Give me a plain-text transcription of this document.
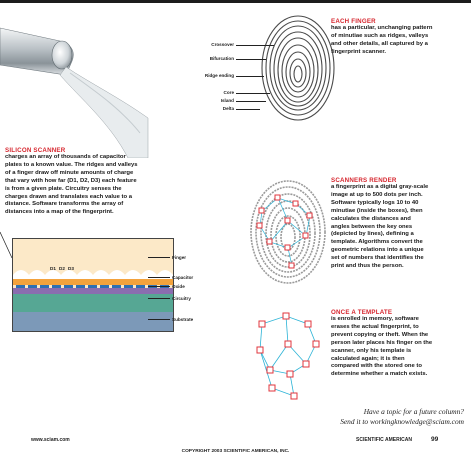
Crossover
Bifurcation
Ridge ending
Core
Island
Delta
EACH FINGER
has a particular, unchanging pattern
of minutiae such as ridges, valleys
and other details, all captured by a
fingerprint scanner.
SILICON SCANNER
charges an array of thousands of capacitor
plates to a known value. The ridges and valleys
of a finger draw off minute amounts of charge
that vary with how far (D1, D2, D3) each feature
is from a given plate. Circuitry senses the
charges drawn and translates each value to a
distance. Software transforms the array of
distances into a map of the fingerprint.
D1 D2 D3
Finger
Capacitor
Oxide
Circuitry
Substrate
SCANNERS RENDER
a fingerprint as a digital gray-scale
image at up to 500 dots per inch.
Software typically logs 10 to 40
minutiae (inside the boxes), then
calculates the distances and
angles between the key ones
(depicted by lines), defining a
template. Algorithms convert the
geometric relations into a unique
set of numbers that identifies the
print and thus the person.
ONCE A TEMPLATE
is enrolled in memory, software
erases the actual fingerprint, to
prevent copying or theft. When the
person later places his finger on the
scanner, only his template is
calculated again; it is then
compared with the stored one to
determine whether a match exists.
Have a topic for a future column?
Send it to workingknowledge@sciam.com
www.sciam.com	SCIENTIFIC AMERICAN	99
COPYRIGHT 2003 SCIENTIFIC AMERICAN, INC.
